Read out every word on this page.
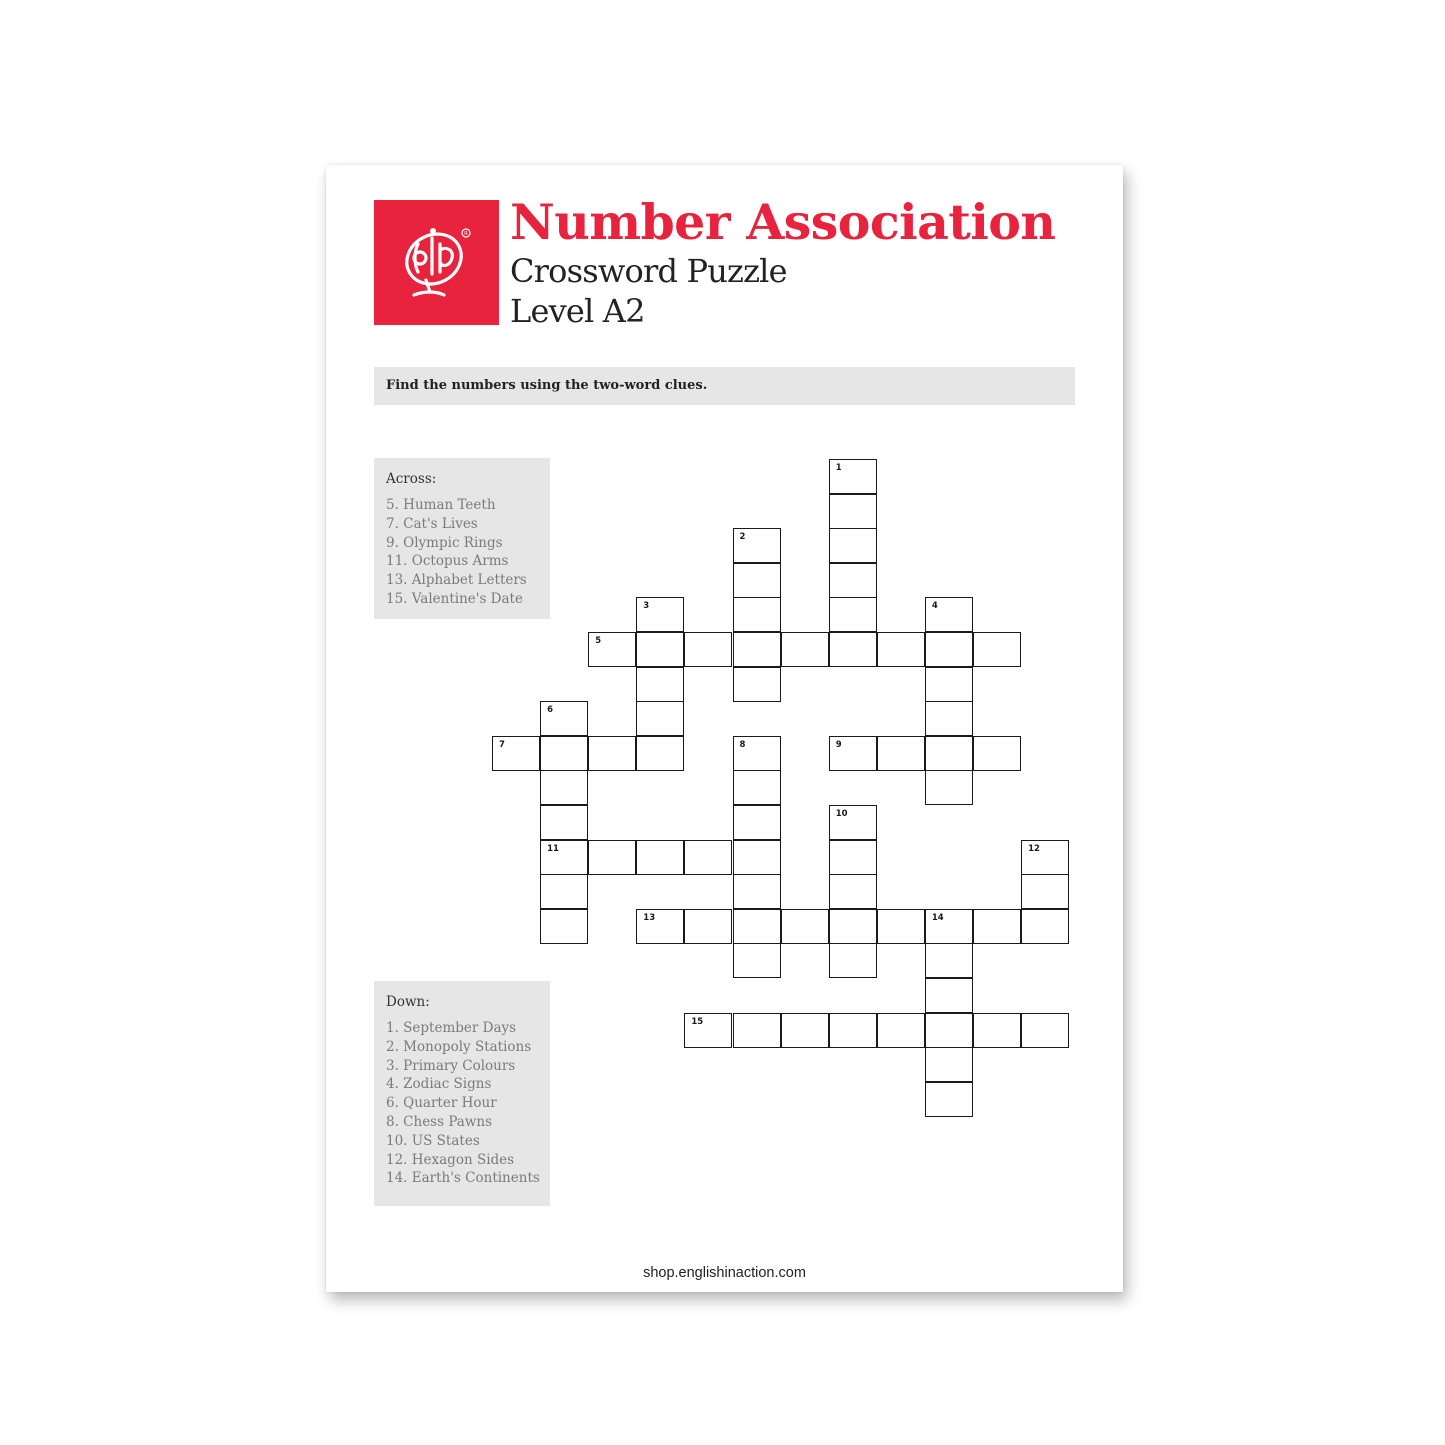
R Number Association

Crossword Puzzle

Level A2

Find the numbers using the two-word clues.

Across:

5. Human Teeth
7. Cat's Lives
9. Olympic Rings
11. Octopus Arms
13. Alphabet Letters
15. Valentine's Date

Down:

1. September Days
2. Monopoly Stations
3. Primary Colours
4. Zodiac Signs
6. Quarter Hour
8. Chess Pawns
10. US States
12. Hexagon Sides
14. Earth's Continents
1
2
3	4
5
6
11
7	8	9
10
12
13	14
15
shop.englishinaction.com
